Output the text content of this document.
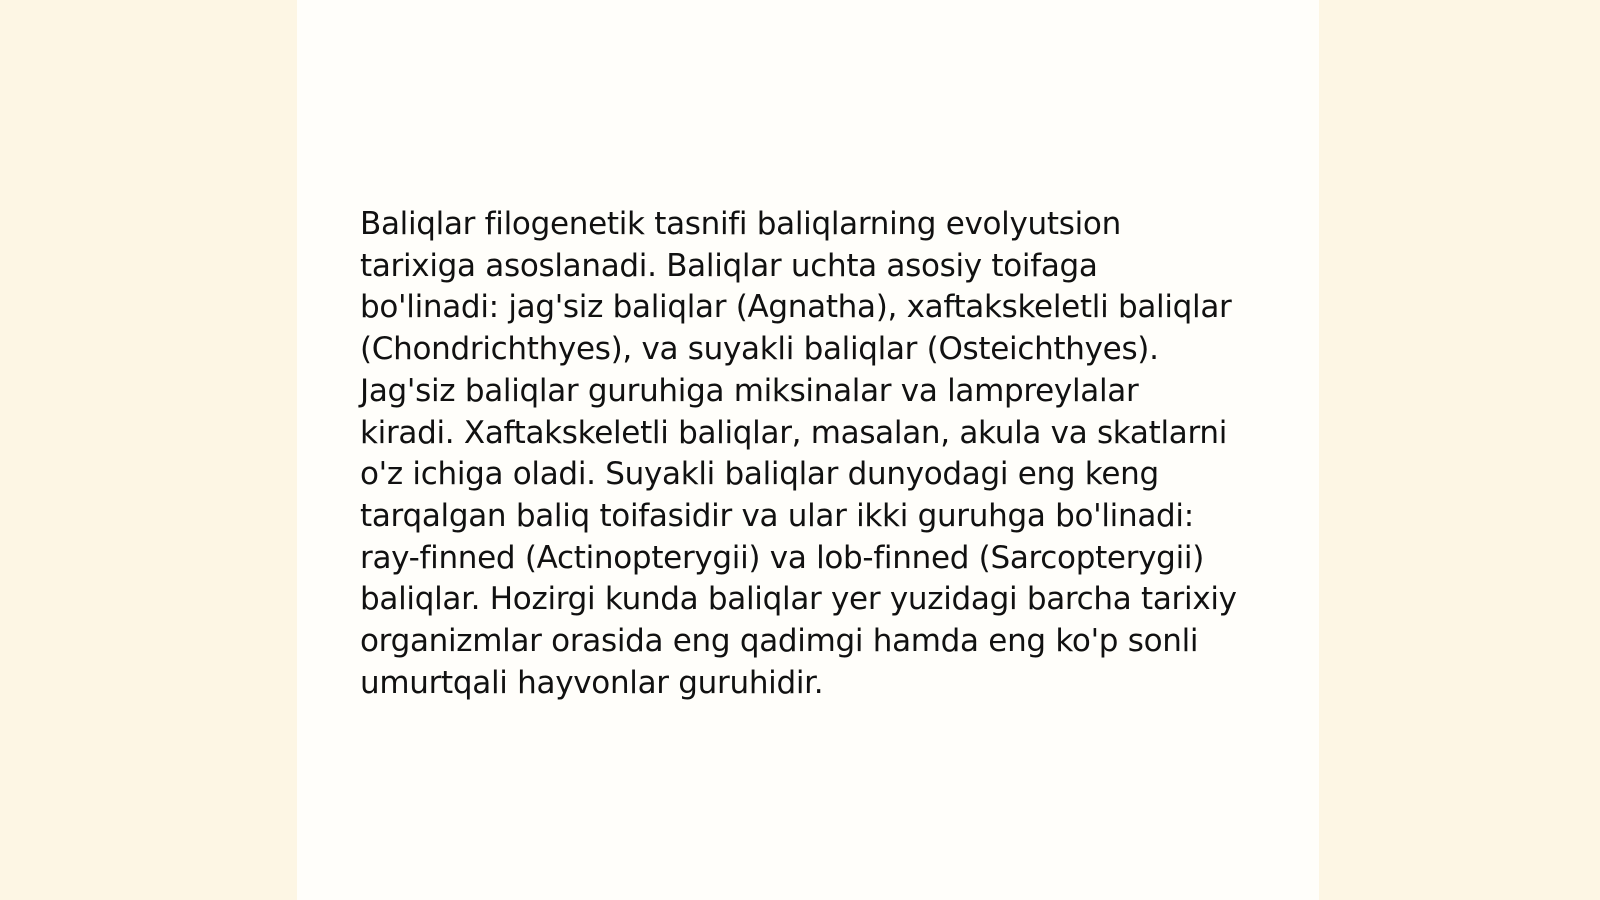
Baliqlar filogenetik tasnifi baliqlarning evolyutsion tarixiga asoslanadi. Baliqlar uchta asosiy toifaga bo'linadi: jag'siz baliqlar (Agnatha), xaftakskeletli baliqlar (Chondrichthyes), va suyakli baliqlar (Osteichthyes). Jag'siz baliqlar guruhiga miksinalar va lampreylalar kiradi. Xaftakskeletli baliqlar, masalan, akula va skatlarni o'z ichiga oladi. Suyakli baliqlar dunyodagi eng keng tarqalgan baliq toifasidir va ular ikki guruhga bo'linadi: ray-finned (Actinopterygii) va lob-finned (Sarcopterygii) baliqlar. Hozirgi kunda baliqlar yer yuzidagi barcha tarixiy organizmlar orasida eng qadimgi hamda eng ko'p sonli umurtqali hayvonlar guruhidir.
